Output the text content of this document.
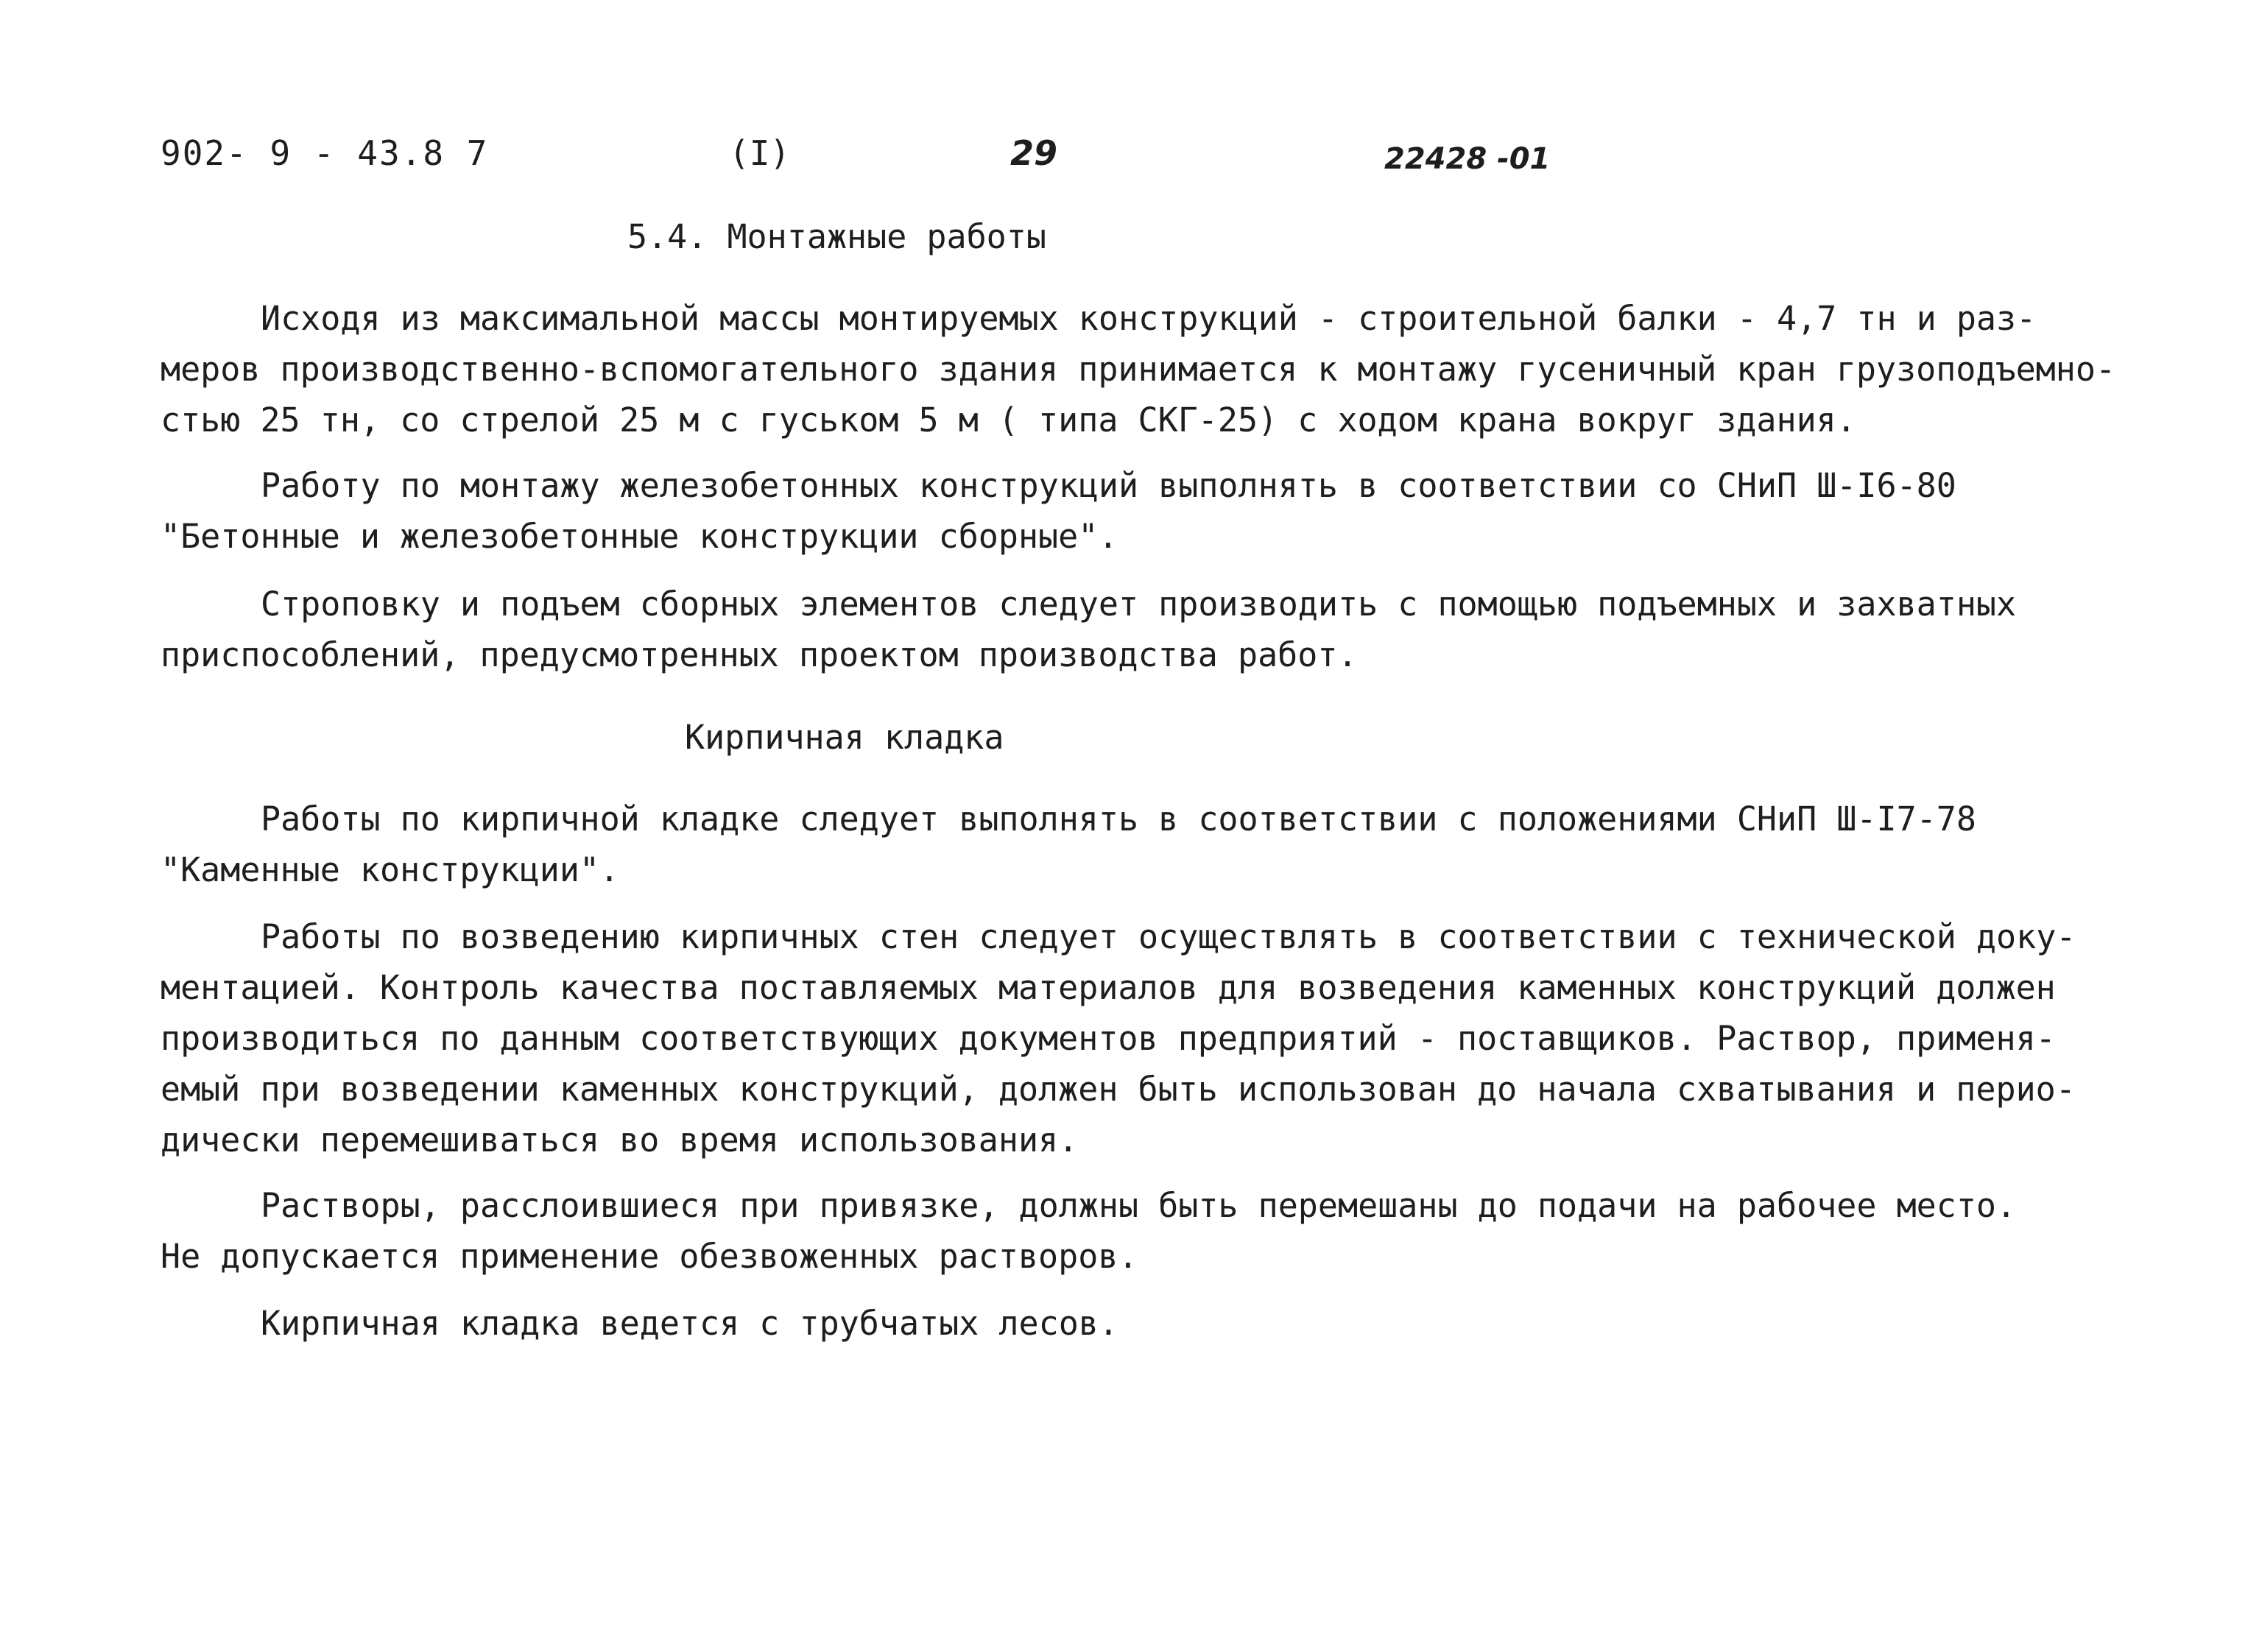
902- 9 - 43.8 7	(I)	29	22428 -01
5.4. Монтажные работы
Исходя из максимальной массы монтируемых конструкций - строительной балки - 4,7 тн и раз-
меров производственно-вспомогательного здания принимается к монтажу гусеничный кран грузоподъемно-
стью 25 тн, со стрелой 25 м с гуськом 5 м ( типа СКГ-25) с ходом крана вокруг здания.
Работу по монтажу железобетонных конструкций выполнять в соответствии со СНиП Ш-I6-80
"Бетонные и железобетонные конструкции сборные".
Строповку и подъем сборных элементов следует производить с помощью подъемных и захватных
приспособлений, предусмотренных проектом производства работ.
Кирпичная кладка
Работы по кирпичной кладке следует выполнять в соответствии с положениями СНиП Ш-I7-78
"Каменные конструкции".
Работы по возведению кирпичных стен следует осуществлять в соответствии с технической доку-
ментацией. Контроль качества поставляемых материалов для возведения каменных конструкций должен
производиться по данным соответствующих документов предприятий - поставщиков. Раствор, применя-
емый при возведении каменных конструкций, должен быть использован до начала схватывания и перио-
дически перемешиваться во время использования.
Растворы, расслоившиеся при привязке, должны быть перемешаны до подачи на рабочее место.
Не допускается применение обезвоженных растворов.
Кирпичная кладка ведется с трубчатых лесов.
